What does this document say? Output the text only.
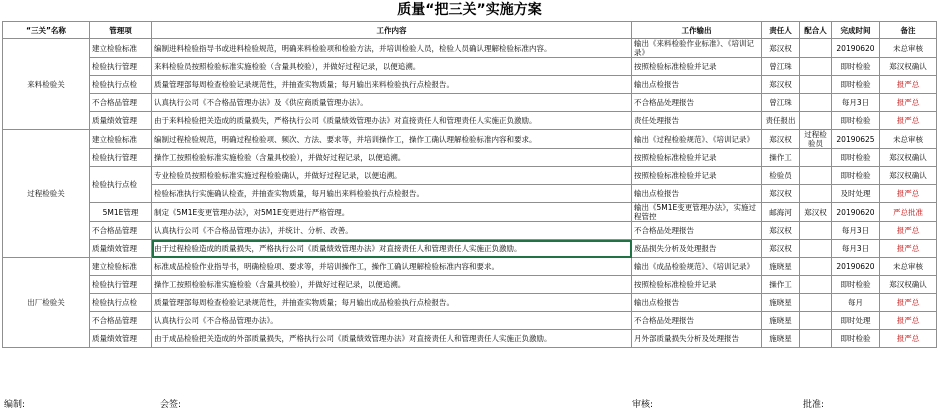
质量“把三关”实施方案
“三关”名称	管理项	工作内容	工作输出	责任人	配合人	完成时间	备注
来料检验关	建立检验标准	编制进料检验指导书或进料检验规范，明确来料检验项和检验方法，并培训检验人员，检验人员确认理解检验标准内容。	输出《来料检验作业标准》、《培训记录》	郑汉权		20190620	未总审核
	检验执行管理	来料检验员按照检验标准实施检验（含量具校验），并做好过程记录，以便追溯。	按照检验标准检验并记录	曾江珠		即时检验	郑汉权确认
	检验执行点检	质量管理部每周检查检验记录规范性，并抽查实物质量；每月输出来料检验执行点检报告。	输出点检报告	郑汉权		即时检验	报严总
	不合格品管理	认真执行公司《不合格品管理办法》及《供应商质量管理办法》。	不合格品处理报告	曾江珠		每月3日	报严总
	质量绩效管理	由于来料检验把关造成的质量损失，严格执行公司《质量绩效管理办法》对直接责任人和管理责任人实施正负激励。	责任处理报告	责任报出		即时检验	报严总
过程检验关	建立检验标准	编制过程检验规范，明确过程检验项、频次、方法、要求等，并培训操作工，操作工确认理解检验标准内容和要求。	输出《过程检验规范》、《培训记录》	郑汉权	过程检验员	20190625	未总审核
	检验执行管理	操作工按照检验标准实施检验（含量具校验），并做好过程记录，以便追溯。	按照检验标准检验并记录	操作工		即时检验	郑汉权确认
	检验执行点检	专业检验员按照检验标准实施过程检验确认，并做好过程记录，以便追溯。	按照检验标准检验并记录	检验员		即时检验	郑汉权确认
		检验标准执行实施确认检查，并抽查实物质量，每月输出来料检验执行点检报告。	输出点检报告	郑汉权		及时处理	报严总
	5M1E管理	制定《5M1E变更管理办法》，对5M1E变更进行严格管理。	输出《5M1E变更管理办法》，实施过程管控	邮海河	郑汉权	20190620	严总批准
	不合格品管理	认真执行公司《不合格品管理办法》，并统计、分析、改善。	不合格品处理报告	郑汉权		每月3日	报严总
	质量绩效管理	由于过程检验造成的质量损失，严格执行公司《质量绩效管理办法》对直接责任人和管理责任人实施正负激励。	废品损失分析及处理报告	郑汉权		每月3日	报严总
出厂检验关	建立检验标准	标准成品检验作业指导书，明确检验项、要求等，并培训操作工，操作工确认理解检验标准内容和要求。	输出《成品检验规范》、《培训记录》	施晓星		20190620	未总审核
	检验执行管理	操作工按照检验标准实施检验（含量具校验），并做好过程记录，以便追溯。	按照检验标准检验并记录	操作工		即时检验	郑汉权确认
	检验执行点检	质量管理部每周检查检验记录规范性，并抽查实物质量；每月输出成品检验执行点检报告。	输出点检报告	施晓星		每月	报严总
	不合格品管理	认真执行公司《不合格品管理办法》。	不合格品处理报告	施晓星		即时处理	报严总
	质量绩效管理	由于成品检验把关造成的外部质量损失，严格执行公司《质量绩效管理办法》对直接责任人和管理责任人实施正负激励。	月外部质量损失分析及处理报告	施晓星		即时检验	报严总
编制:	会签:	审核:	批准:
